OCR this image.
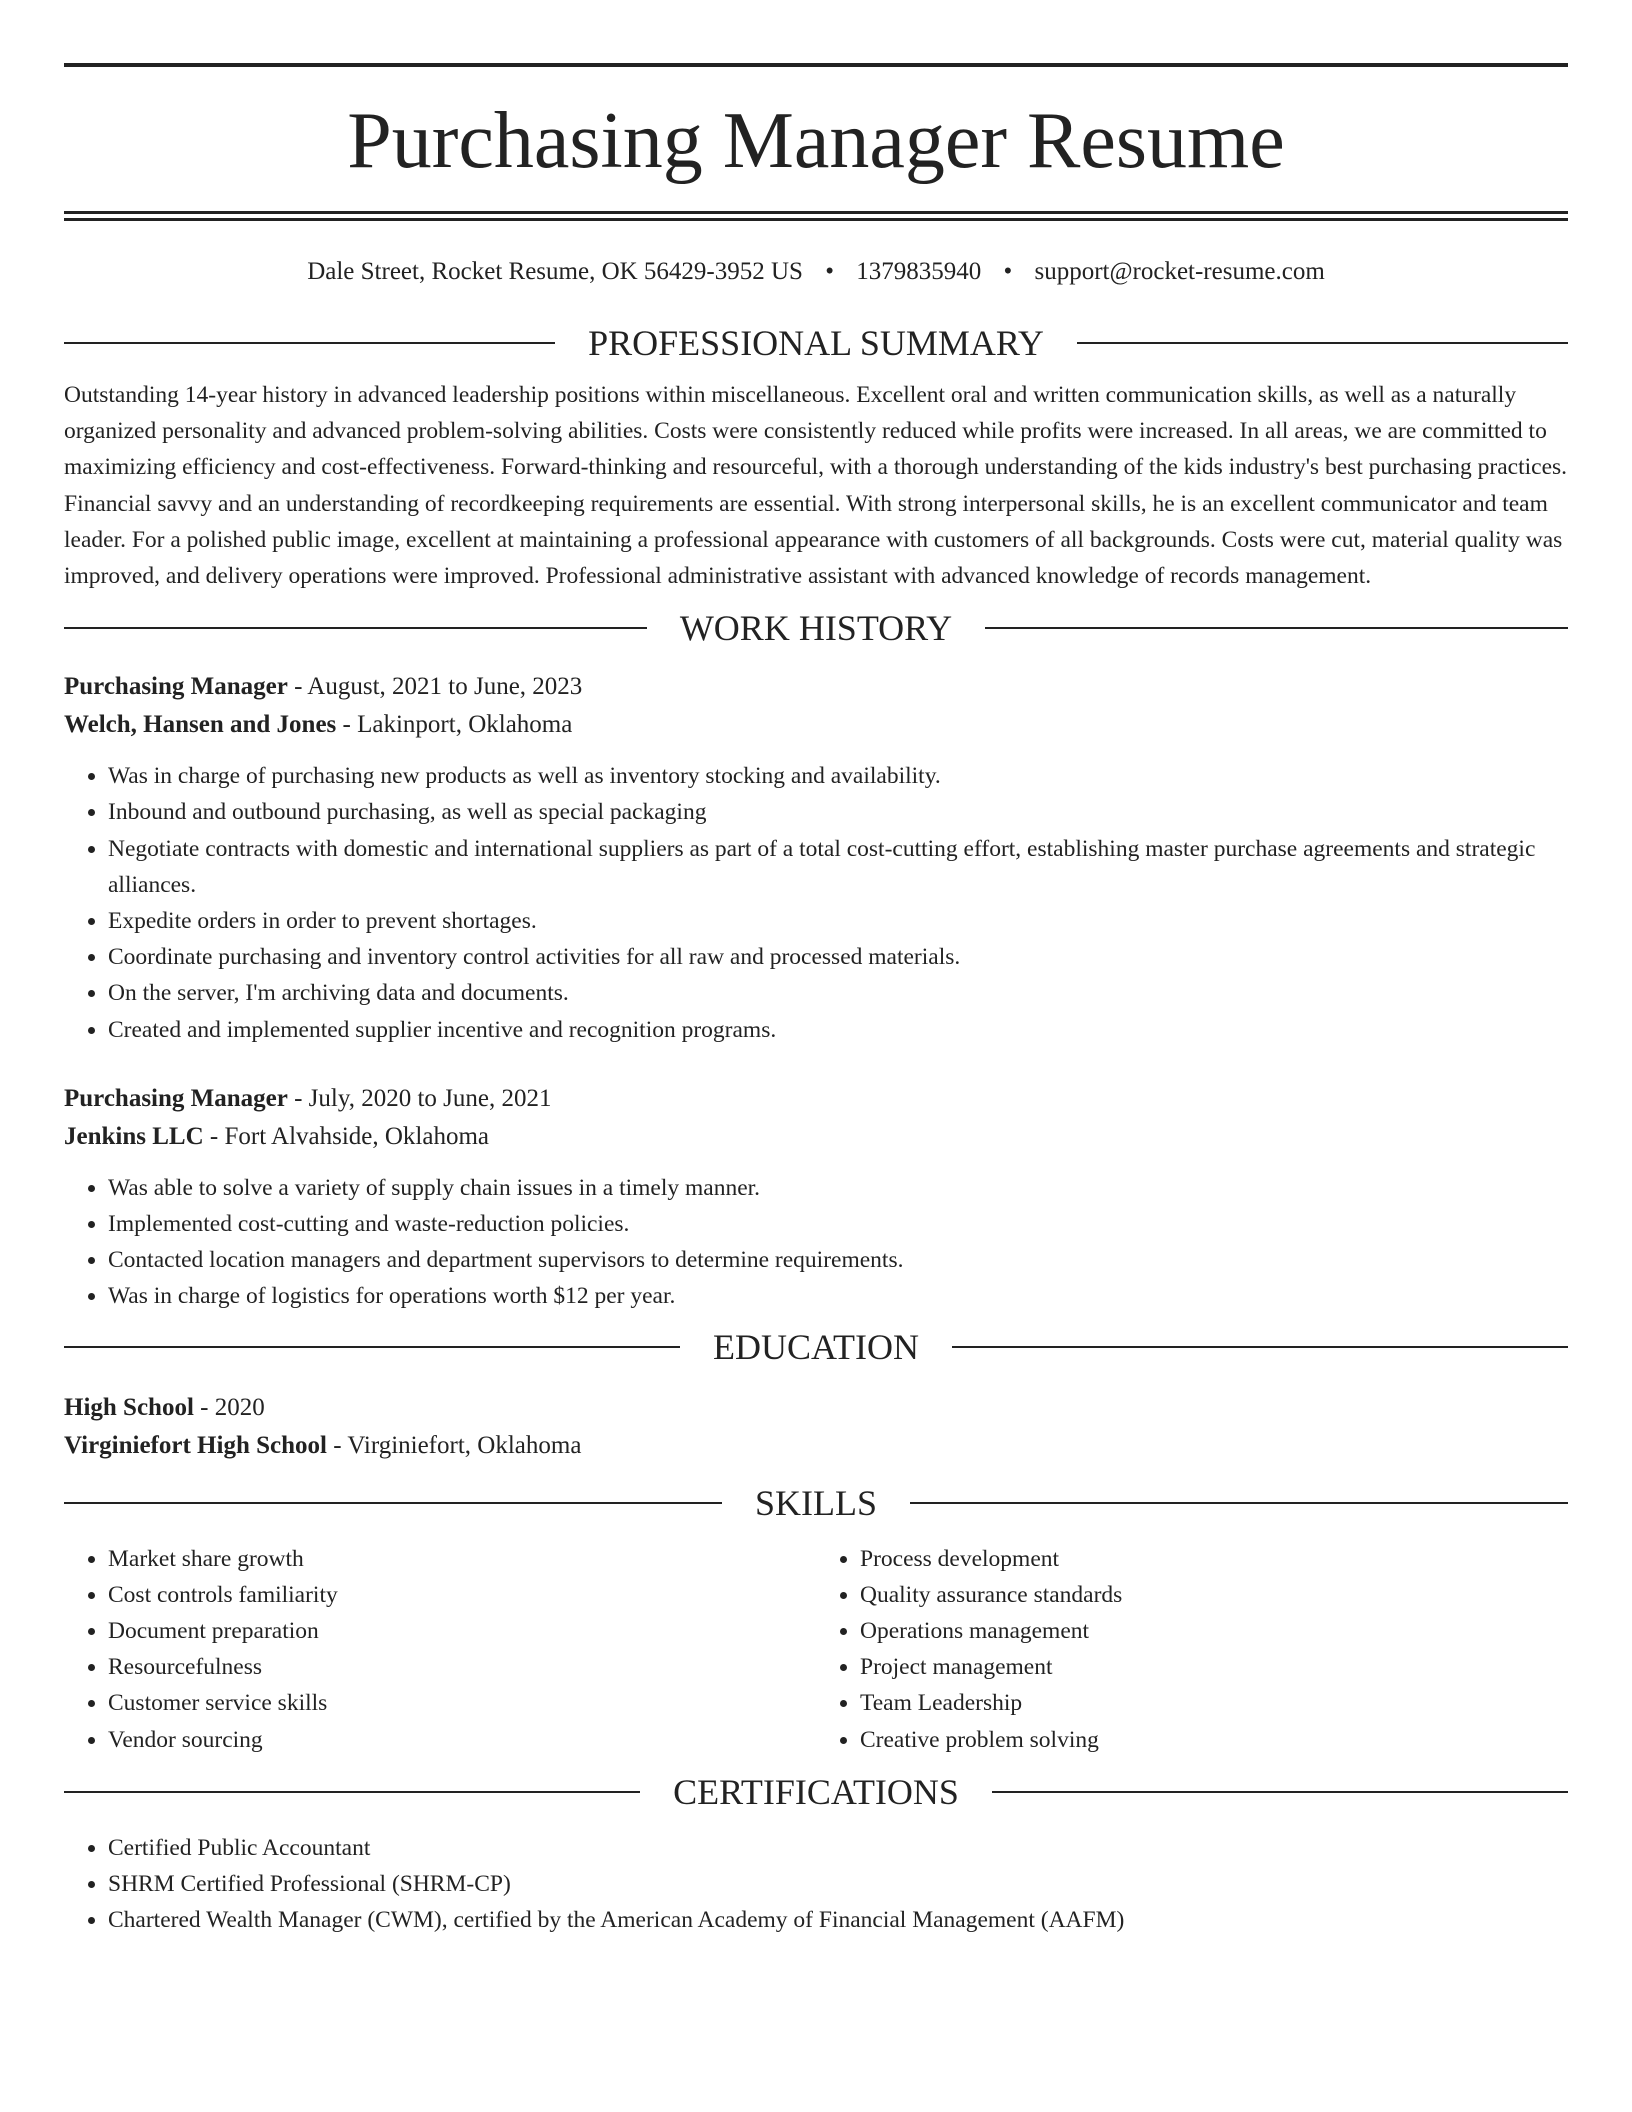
Purchasing Manager Resume
Dale Street, Rocket Resume, OK 56429-3952 US • 1379835940 • support@rocket-resume.com
PROFESSIONAL SUMMARY

Outstanding 14-year history in advanced leadership positions within miscellaneous. Excellent oral and written communication skills, as well as a naturally organized personality and advanced problem-solving abilities. Costs were consistently reduced while profits were increased. In all areas, we are committed to maximizing efficiency and cost-effectiveness. Forward-thinking and resourceful, with a thorough understanding of the kids industry's best purchasing practices. Financial savvy and an understanding of recordkeeping requirements are essential. With strong interpersonal skills, he is an excellent communicator and team leader. For a polished public image, excellent at maintaining a professional appearance with customers of all backgrounds. Costs were cut, material quality was improved, and delivery operations were improved. Professional administrative assistant with advanced knowledge of records management.

WORK HISTORY
Purchasing Manager - August, 2021 to June, 2023
Welch, Hansen and Jones - Lakinport, Oklahoma
• Was in charge of purchasing new products as well as inventory stocking and availability.
• Inbound and outbound purchasing, as well as special packaging
• Negotiate contracts with domestic and international suppliers as part of a total cost-cutting effort, establishing master purchase agreements and strategic alliances.
• Expedite orders in order to prevent shortages.
• Coordinate purchasing and inventory control activities for all raw and processed materials.
• On the server, I'm archiving data and documents.
• Created and implemented supplier incentive and recognition programs.
Purchasing Manager - July, 2020 to June, 2021
Jenkins LLC - Fort Alvahside, Oklahoma
• Was able to solve a variety of supply chain issues in a timely manner.
• Implemented cost-cutting and waste-reduction policies.
• Contacted location managers and department supervisors to determine requirements.
• Was in charge of logistics for operations worth $12 per year.
EDUCATION
High School - 2020
Virginiefort High School - Virginiefort, Oklahoma
SKILLS
• Market share growth
• Cost controls familiarity
• Document preparation
• Resourcefulness
• Customer service skills
• Vendor sourcing
• Process development
• Quality assurance standards
• Operations management
• Project management
• Team Leadership
• Creative problem solving
CERTIFICATIONS
• Certified Public Accountant
• SHRM Certified Professional (SHRM-CP)
• Chartered Wealth Manager (CWM), certified by the American Academy of Financial Management (AAFM)
